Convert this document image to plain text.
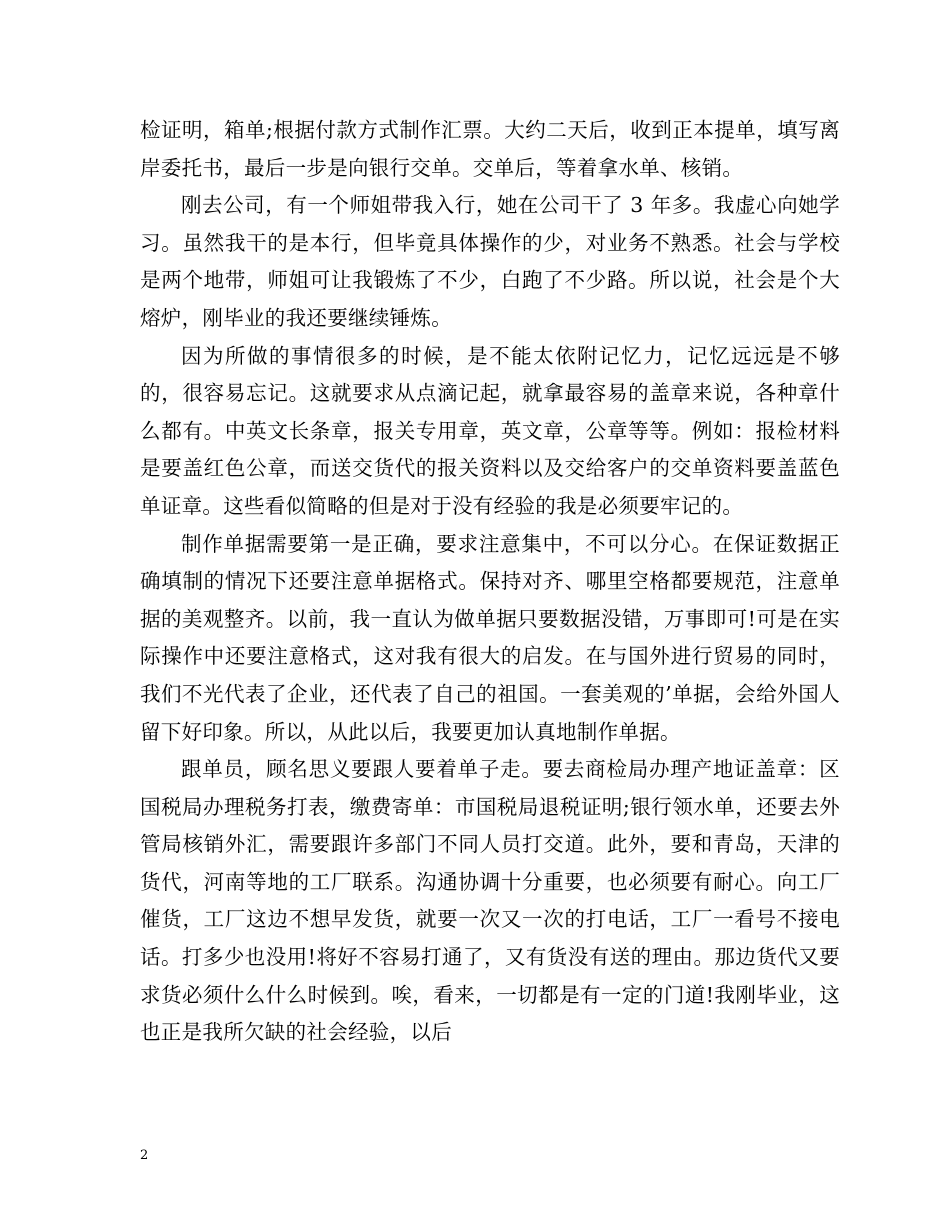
检证明，箱单;根据付款方式制作汇票。大约二天后，收到正本提单，填写离岸委托书，最后一步是向银行交单。交单后，等着拿水单、核销。

刚去公司，有一个师姐带我入行，她在公司干了 3 年多。我虚心向她学习。虽然我干的是本行，但毕竟具体操作的少，对业务不熟悉。社会与学校是两个地带，师姐可让我锻炼了不少，白跑了不少路。所以说，社会是个大熔炉，刚毕业的我还要继续锤炼。

因为所做的事情很多的时候，是不能太依附记忆力，记忆远远是不够的，很容易忘记。这就要求从点滴记起，就拿最容易的盖章来说，各种章什么都有。中英文长条章，报关专用章，英文章，公章等等。例如：报检材料是要盖红色公章，而送交货代的报关资料以及交给客户的交单资料要盖蓝色单证章。这些看似简略的但是对于没有经验的我是必须要牢记的。

制作单据需要第一是正确，要求注意集中，不可以分心。在保证数据正确填制的情况下还要注意单据格式。保持对齐、哪里空格都要规范，注意单据的美观整齐。以前，我一直认为做单据只要数据没错，万事即可!可是在实际操作中还要注意格式，这对我有很大的启发。在与国外进行贸易的同时，我们不光代表了企业，还代表了自己的祖国。一套美观的’单据，会给外国人留下好印象。所以，从此以后，我要更加认真地制作单据。

跟单员，顾名思义要跟人要着单子走。要去商检局办理产地证盖章：区国税局办理税务打表，缴费寄单：市国税局退税证明;银行领水单，还要去外管局核销外汇，需要跟许多部门不同人员打交道。此外，要和青岛，天津的货代，河南等地的工厂联系。沟通协调十分重要，也必须要有耐心。向工厂催货，工厂这边不想早发货，就要一次又一次的打电话，工厂一看号不接电话。打多少也没用!将好不容易打通了，又有货没有送的理由。那边货代又要求货必须什么什么时候到。唉，看来，一切都是有一定的门道!我刚毕业，这也正是我所欠缺的社会经验，以后

2
